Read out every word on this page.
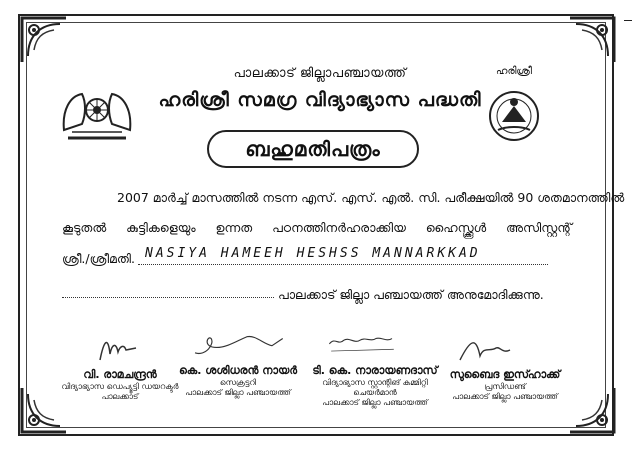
പാലക്കാട് ജില്ലാപഞ്ചായത്ത്
ഹരിശ്രീ സമഗ്ര വിദ്യാഭ്യാസ പദ്ധതി
ഹരിശ്രീ
ബഹുമതിപത്രം
2007 മാർച്ച് മാസത്തിൽ നടന്ന എസ്. എസ്. എൽ. സി. പരീക്ഷയിൽ 90 ശതമാനത്തിൽ
കൂടുതൽ കുട്ടികളെയും ഉന്നത പഠനത്തിനർഹരാക്കിയ ഹൈസ്ക്കൂൾ അസിസ്റ്റന്റ്
ശ്രീ./ശ്രീമതി. NASIYA HAMEEH HESHSS MANNARKKAD
പാലക്കാട് ജില്ലാ പഞ്ചായത്ത് അനുമോദിക്കുന്നു.
വി. രാമചന്ദ്രൻ
വിദ്യാഭ്യാസ ഡെപ്യൂട്ടി ഡയറക്ടർ
പാലക്കാട്
കെ. ശശിധരൻ നായർ
സെക്രട്ടറി
പാലക്കാട് ജില്ലാ പഞ്ചായത്ത്
ടി. കെ. നാരായണദാസ്
വിദ്യാഭ്യാസ സ്റ്റാന്റിങ് കമ്മിറ്റി ചെയർമാൻ
പാലക്കാട് ജില്ലാ പഞ്ചായത്ത്
സുബൈദ ഇസ്ഹാക്ക്
പ്രസിഡണ്ട്
പാലക്കാട് ജില്ലാ പഞ്ചായത്ത്
